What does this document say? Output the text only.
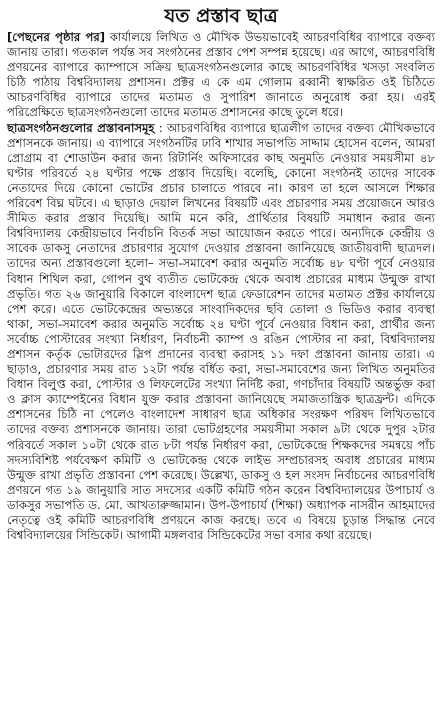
যত প্রস্তাব ছাত্র

[পেছনের পৃষ্ঠার পর] কার্যালয়ে লিখিত ও মৌখিক উভয়ভাবেই আচরণবিধির ব্যাপারে বক্তব্য জানায় তারা। গতকাল পর্যন্ত সব সংগঠনের প্রস্তাব পেশ সম্পন্ন হয়েছে। এর আগে, আচরণবিধি প্রণয়নের ব্যাপারে ক্যাম্পাসে সক্রিয় ছাত্রসংগঠনগুলোর কাছে আচরণবিধির খসড়া সংবলিত চিঠি পাঠায় বিশ্ববিদ্যালয় প্রশাসন। প্রক্টর এ কে এম গোলাম রব্বানী স্বাক্ষরিত ওই চিঠিতে আচরণবিধির ব্যাপারে তাদের মতামত ও সুপারিশ জানাতে অনুরোধ করা হয়। এরই পরিপ্রেক্ষিতে ছাত্রসংগঠনগুলো তাদের মতামত প্রশাসনের কাছে তুলে ধরে।

ছাত্রসংগঠনগুলোর প্রস্তাবনাসমূহ : আচরণবিধির ব্যাপারে ছাত্রলীগ তাদের বক্তব্য মৌখিকভাবে প্রশাসনকে জানায়। এ ব্যাপারে সংগঠনটির ঢাবি শাখার সভাপতি সাদ্দাম হোসেন বলেন, আমরা প্রোগ্রাম বা শোডাউন করার জন্য রিটার্নিং অফিসারের কাছ অনুমতি নেওয়ার সময়সীমা ৪৮ ঘণ্টার পরিবর্তে ২৪ ঘণ্টার পক্ষে প্রস্তাব দিয়েছি। বলেছি, কোনো সংগঠনই তাদের সাবেক নেতাদের দিয়ে কোনো ভোটের প্রচার চালাতে পারবে না। কারণ তা হলে আসলে শিক্ষার পরিবেশ বিঘ্ন ঘটবে। এ ছাড়াও দেয়াল লিখনের বিষয়টি এবং প্রচারণার সময় প্রয়োজনে আরও সীমিত করার প্রস্তাব দিয়েছি। আমি মনে করি, প্রার্থিতার বিষয়টি সমাধান করার জন্য বিশ্ববিদ্যালয় কেন্দ্রীয়ভাবে নির্বাচনি বিতর্ক সভা আয়োজন করতে পারে। অন্যদিকে কেন্দ্রীয় ও সাবেক ডাকসু নেতাদের প্রচারণার সুযোগ দেওয়ার প্রস্তাবনা জানিয়েছে জাতীয়বাদী ছাত্রদল। তাদের অন্য প্রস্তাবগুলো হলো– সভা-সমাবেশ করার অনুমতি সর্বোচ্চ ৪৮ ঘণ্টা পূর্বে নেওয়ার বিধান শিথিল করা, গোপন বুথ ব্যতীত ভোটকেন্দ্র থেকে অবাধ প্রচারের মাধ্যম উন্মুক্ত রাখা প্রভৃতি। গত ২৬ জানুয়ারি বিকালে বাংলাদেশ ছাত্র ফেডারেশন তাদের মতামত প্রক্টর কার্যালয়ে পেশ করে। এতে ভোটকেন্দ্রের অভ্যন্তরে সাংবাদিকদের ছবি তোলা ও ভিডিও করার ব্যবস্থা থাকা, সভা-সমাবেশ করার অনুমতি সর্বোচ্চ ২৪ ঘণ্টা পূর্বে নেওয়ার বিধান করা, প্রার্থীর জন্য সর্বোচ্চ পোস্টারের সংখ্যা নির্ধারণ, নির্বাচনী ক্যাম্প ও রঙিন পোস্টার না করা, বিশ্ববিদ্যালয় প্রশাসন কর্তৃক ভোটারদের স্লিপ প্রদানের ব্যবস্থা করাসহ ১১ দফা প্রস্তাবনা জানায় তারা। এ ছাড়াও, প্রচারণার সময় রাত ১২টা পর্যন্ত বর্ধিত করা, সভা-সমাবেশের জন্য লিখিত অনুমতির বিধান বিলুপ্ত করা, পোস্টার ও লিফলেটের সংখ্যা নির্দিষ্ট করা, গণচাঁদার বিষয়টি অন্তর্ভুক্ত করা ও ক্লাস ক্যাম্পেইনের বিধান যুক্ত করার প্রস্তাবনা জানিয়েছে সমাজতান্ত্রিক ছাত্রফ্রন্ট। এদিকে প্রশাসনের চিঠি না পেলেও বাংলাদেশ সাধারণ ছাত্র অধিকার সংরক্ষণ পরিষদ লিখিতভাবে তাদের বক্তব্য প্রশাসনকে জানায়। তারা ভোটগ্রহণের সময়সীমা সকাল ৯টা থেকে দুপুর ২টার পরিবর্তে সকাল ১০টা থেকে রাত ৮টা পর্যন্ত নির্ধারণ করা, ভোটকেন্দ্রে শিক্ষকদের সমন্বয়ে পাঁচ সদস্যবিশিষ্ট পর্যবেক্ষণ কমিটি ও ভোটকেন্দ্র থেকে লাইভ সম্প্রচারসহ অবাধ প্রচারের মাধ্যম উন্মুক্ত রাখা প্রভৃতি প্রস্তাবনা পেশ করেছে। উল্লেখ্য, ডাকসু ও হল সংসদ নির্বাচনের আচরণবিধি প্রণয়নে গত ১৯ জানুয়ারি সাত সদস্যের একটি কমিটি গঠন করেন বিশ্ববিদ্যালয়ের উপাচার্য ও ডাকসুর সভাপতি ড. মো. আখতারুজ্জামান। উপ-উপাচার্য (শিক্ষা) অধ্যাপক নাসরীন আহমাদের নেতৃত্বে ওই কমিটি আচরণবিধি প্রণয়নে কাজ করছে। তবে এ বিষয়ে চূড়ান্ত সিদ্ধান্ত নেবে বিশ্ববিদ্যালয়ের সিন্ডিকেট। আগামী মঙ্গলবার সিন্ডিকেটের সভা বসার কথা রয়েছে।
